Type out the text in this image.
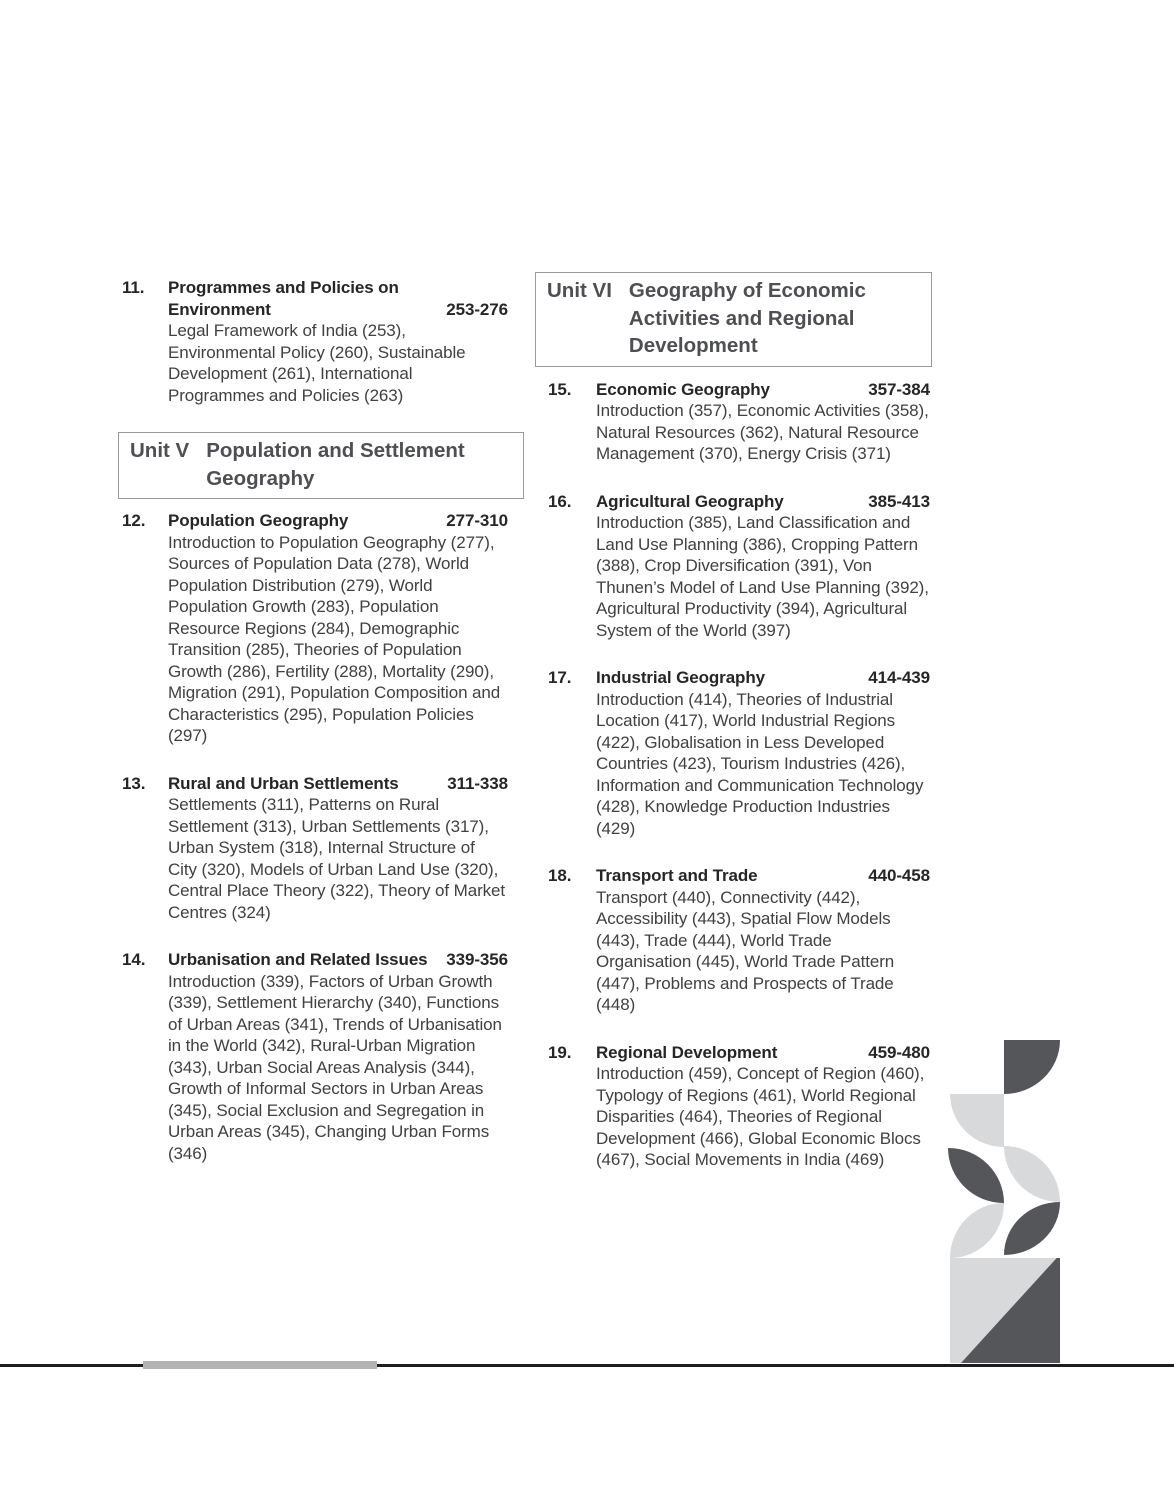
11.	Programmes and Policies on
Environment	253-276

Legal Framework of India (253), Environmental Policy (260), Sustainable Development (261), International Programmes and Policies (263)

Unit V Population and Settlement
Geography
12.	Population Geography	277-310

Introduction to Population Geography (277), Sources of Population Data (278), World Population Distribution (279), World Population Growth (283), Population Resource Regions (284), Demographic Transition (285), Theories of Population Growth (286), Fertility (288), Mortality (290), Migration (291), Population Composition and Characteristics (295), Population Policies (297)

13.	Rural and Urban Settlements	311-338

Settlements (311), Patterns on Rural Settlement (313), Urban Settlements (317), Urban System (318), Internal Structure of City (320), Models of Urban Land Use (320), Central Place Theory (322), Theory of Market Centres (324)

14.	Urbanisation and Related Issues	339-356

Introduction (339), Factors of Urban Growth (339), Settlement Hierarchy (340), Functions of Urban Areas (341), Trends of Urbanisation in the World (342), Rural-Urban Migration (343), Urban Social Areas Analysis (344), Growth of Informal Sectors in Urban Areas (345), Social Exclusion and Segregation in Urban Areas (345), Changing Urban Forms (346)

Unit VI Geography of Economic
Activities and Regional
Development
15.	Economic Geography	357-384

Introduction (357), Economic Activities (358), Natural Resources (362), Natural Resource Management (370), Energy Crisis (371)

16.	Agricultural Geography	385-413

Introduction (385), Land Classification and Land Use Planning (386), Cropping Pattern (388), Crop Diversification (391), Von Thunen’s Model of Land Use Planning (392), Agricultural Productivity (394), Agricultural System of the World (397)

17.	Industrial Geography	414-439

Introduction (414), Theories of Industrial Location (417), World Industrial Regions (422), Globalisation in Less Developed Countries (423), Tourism Industries (426), Information and Communication Technology (428), Knowledge Production Industries (429)

18.	Transport and Trade	440-458

Transport (440), Connectivity (442), Accessibility (443), Spatial Flow Models (443), Trade (444), World Trade Organisation (445), World Trade Pattern (447), Problems and Prospects of Trade (448)

19.	Regional Development	459-480

Introduction (459), Concept of Region (460), Typology of Regions (461), World Regional Disparities (464), Theories of Regional Development (466), Global Economic Blocs (467), Social Movements in India (469)
